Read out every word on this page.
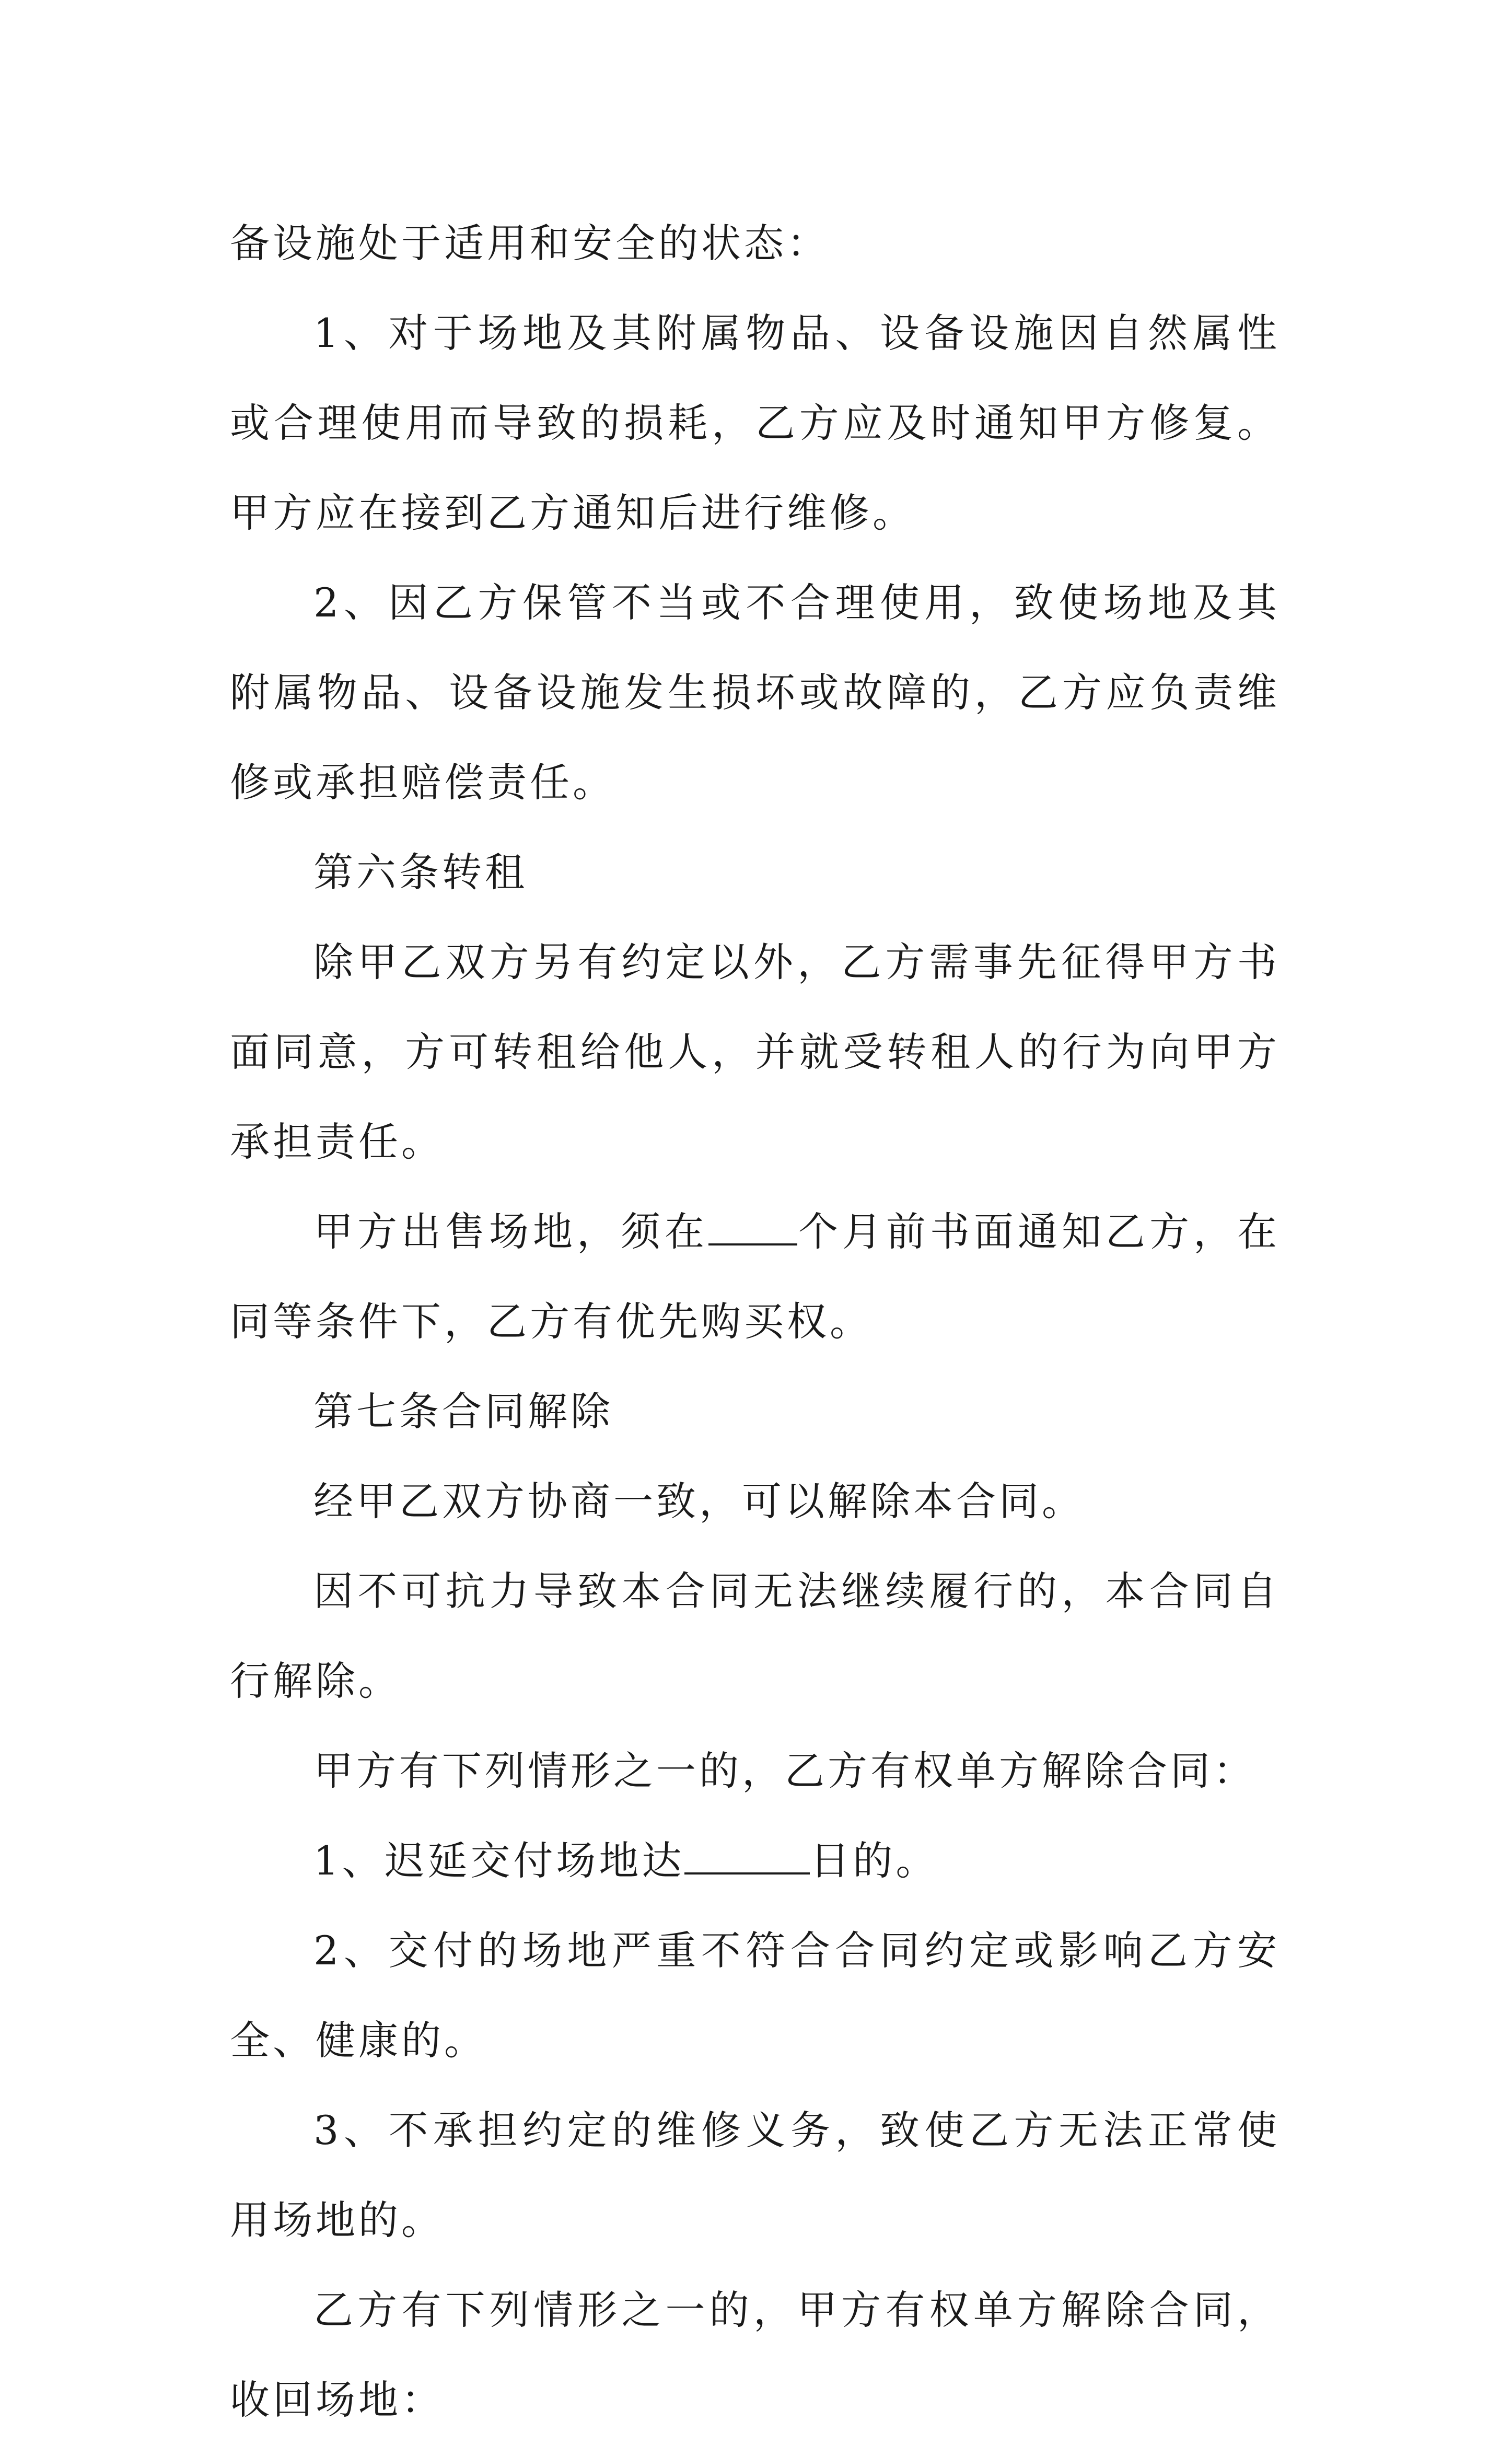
备设施处于适用和安全的状态：

1、对于场地及其附属物品、设备设施因自然属性或合理使用而导致的损耗，乙方应及时通知甲方修复。甲方应在接到乙方通知后进行维修。

2、因乙方保管不当或不合理使用，致使场地及其附属物品、设备设施发生损坏或故障的，乙方应负责维修或承担赔偿责任。

第六条转租

除甲乙双方另有约定以外，乙方需事先征得甲方书面同意，方可转租给他人，并就受转租人的行为向甲方承担责任。

甲方出售场地，须在 个月前书面通知乙方，在同等条件下，乙方有优先购买权。

第七条合同解除

经甲乙双方协商一致，可以解除本合同。

因不可抗力导致本合同无法继续履行的，本合同自行解除。

甲方有下列情形之一的，乙方有权单方解除合同：

1、迟延交付场地达	日的。

2、交付的场地严重不符合合同约定或影响乙方安全、健康的。

3、不承担约定的维修义务，致使乙方无法正常使用场地的。

乙方有下列情形之一的，甲方有权单方解除合同，收回场地：
